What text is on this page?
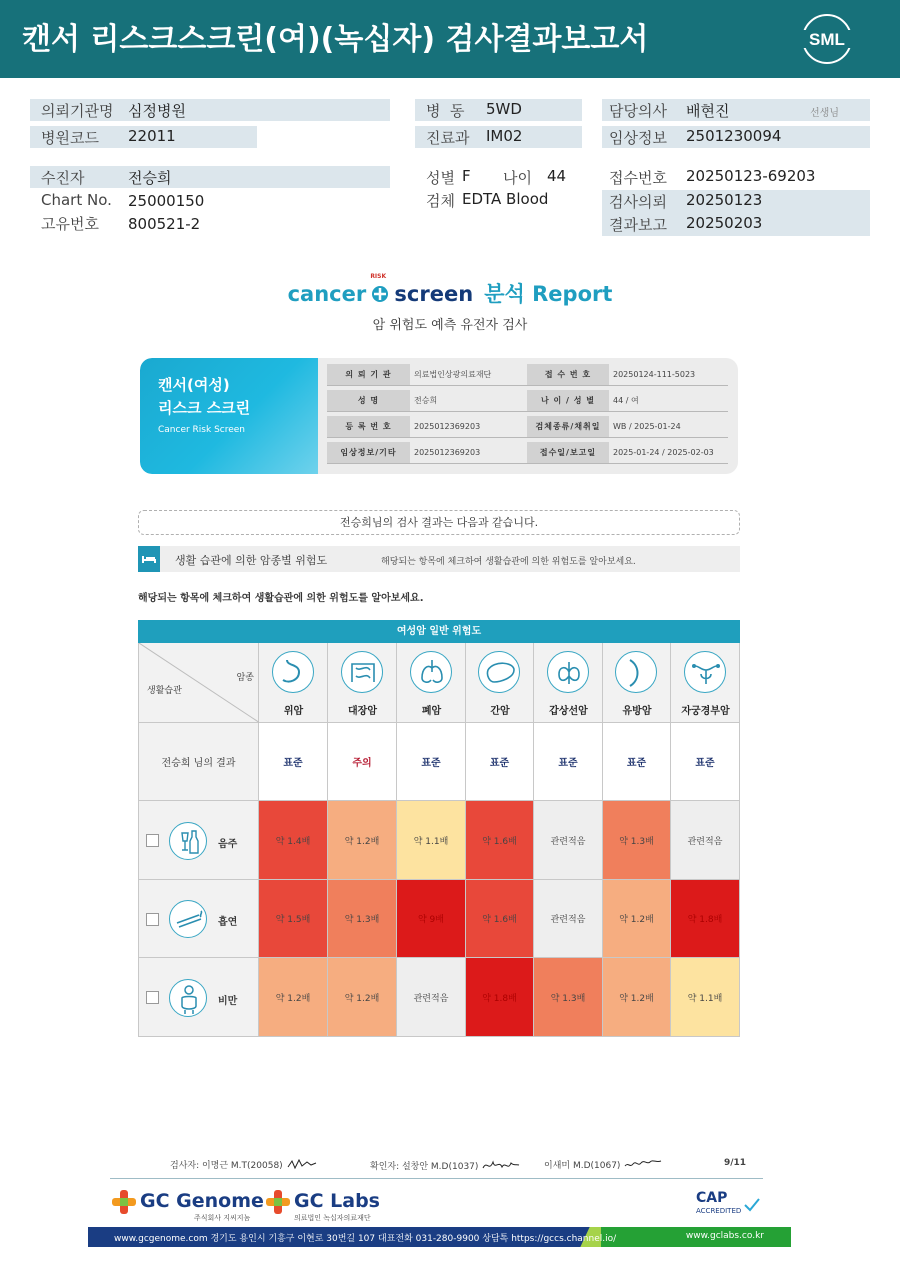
캔서 리스크스크린(여)(녹십자) 검사결과보고서	SML
의뢰기관명 심정병원
병원코드 22011
수진자	전승희
Chart No. 25000150
고유번호 800521-2
병  동 5WD
진료과 IM02
성별 F 나이 44
검체 EDTA Blood
담당의사 배현진	선생님
임상정보 2501230094
접수번호 20250123-69203
검사의뢰 20250123
결과보고 20250203
cancer
RISK
screen 분석 Report
암 위험도 예측 유전자 검사
캔서(여성)
리스크 스크린
Cancer Risk Screen
의 뢰 기 관	의료법인상광의료재단	접 수 번 호	20250124-111-5023
성 명	전승희	나 이 / 성 별	44 / 여
등 록 번 호	2025012369203	검체종류/채취일	WB / 2025-01-24
임상정보/기타	2025012369203	접수일/보고일	2025-01-24 / 2025-02-03
전승희님의 검사 결과는 다음과 같습니다.
생활 습관에 의한 암종별 위험도	해당되는 항목에 체크하여 생활습관에 의한 위험도를 알아보세요.
해당되는 항목에 체크하여 생활습관에 의한 위험도를 알아보세요.
여성암 일반 위험도
암종
생활습관
위암	대장암	폐암	간암	갑상선암	유방암	자궁경부암
전승희 님의 결과	표준	주의	표준	표준	표준	표준	표준
음주	약 1.4배	약 1.2배	약 1.1배	약 1.6배	관련적음	약 1.3배	관련적음
흡연	약 1.5배	약 1.3배	약 9배	약 1.6배	관련적음	약 1.2배	약 1.8배
비만	약 1.2배	약 1.2배	관련적음	약 1.8배	약 1.3배	약 1.2배	약 1.1배
검사자: 이명근 M.T(20058)	확인자: 설창안 M.D(1037)	이새미 M.D(1067)	9/11
GC Genome
주식회사 지씨지놈
GC Labs
의료법인 녹십자의료재단
CAP
ACCREDITED
www.gcgenome.com 경기도 용인시 기흥구 이현로 30번길 107 대표전화 031-280-9900 상담톡 https://gccs.channel.io/	www.gclabs.co.kr
